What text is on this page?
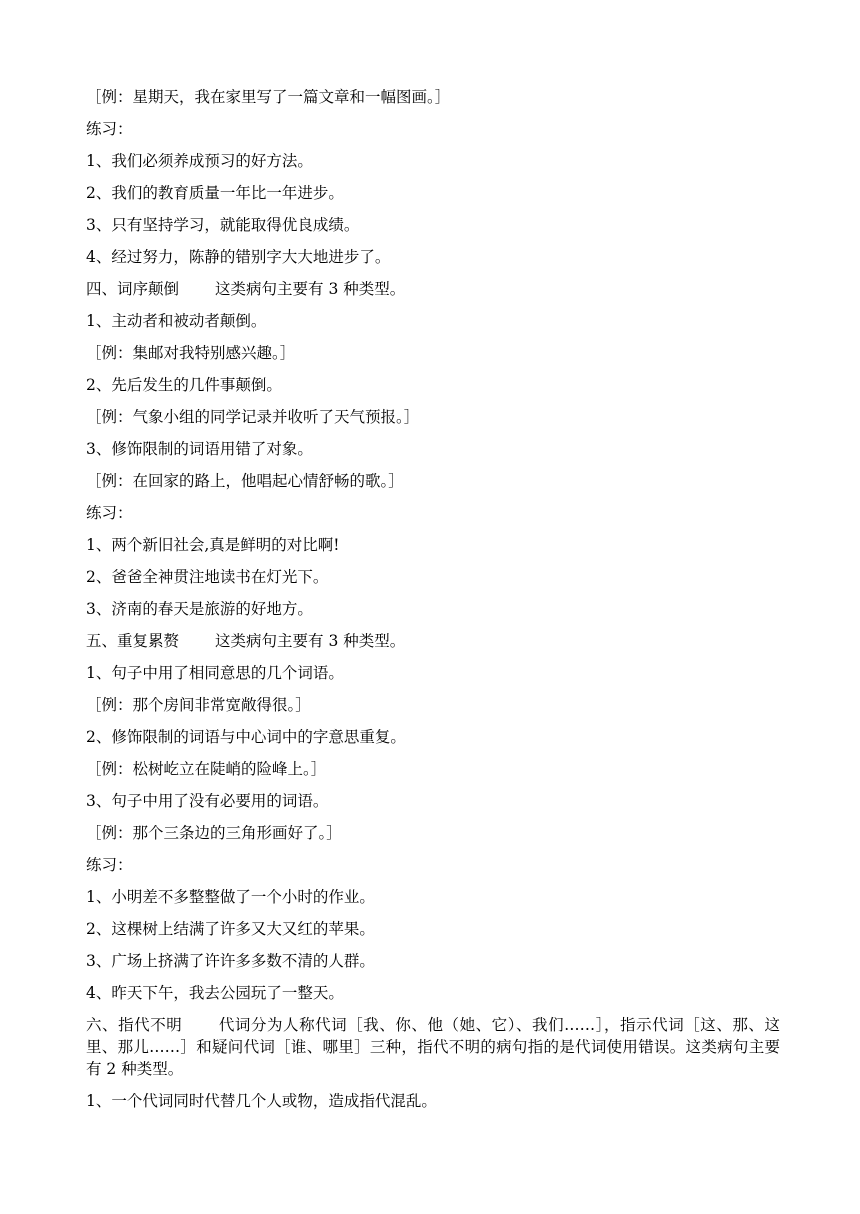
［例：星期天，我在家里写了一篇文章和一幅图画。］
练习：
1、我们必须养成预习的好方法。
2、我们的教育质量一年比一年进步。
3、只有坚持学习，就能取得优良成绩。
4、经过努力，陈静的错别字大大地进步了。
四、词序颠倒 这类病句主要有 3 种类型。
1、主动者和被动者颠倒。
［例：集邮对我特别感兴趣。］
2、先后发生的几件事颠倒。
［例：气象小组的同学记录并收听了天气预报。］
3、修饰限制的词语用错了对象。
［例：在回家的路上，他唱起心情舒畅的歌。］
练习：
1、两个新旧社会,真是鲜明的对比啊!
2、爸爸全神贯注地读书在灯光下。
3、济南的春天是旅游的好地方。
五、重复累赘 这类病句主要有 3 种类型。
1、句子中用了相同意思的几个词语。
［例：那个房间非常宽敞得很。］
2、修饰限制的词语与中心词中的字意思重复。
［例：松树屹立在陡峭的险峰上。］
3、句子中用了没有必要用的词语。
［例：那个三条边的三角形画好了。］
练习：
1、小明差不多整整做了一个小时的作业。
2、这棵树上结满了许多又大又红的苹果。
3、广场上挤满了许许多多数不清的人群。
4、昨天下午，我去公园玩了一整天。
六、指代不明 代词分为人称代词［我、你、他（她、它）、我们……］，指示代词［这、那、这里、那儿……］和疑问代词［谁、哪里］三种，指代不明的病句指的是代词使用错误。这类病句主要有 2 种类型。
1、一个代词同时代替几个人或物，造成指代混乱。
